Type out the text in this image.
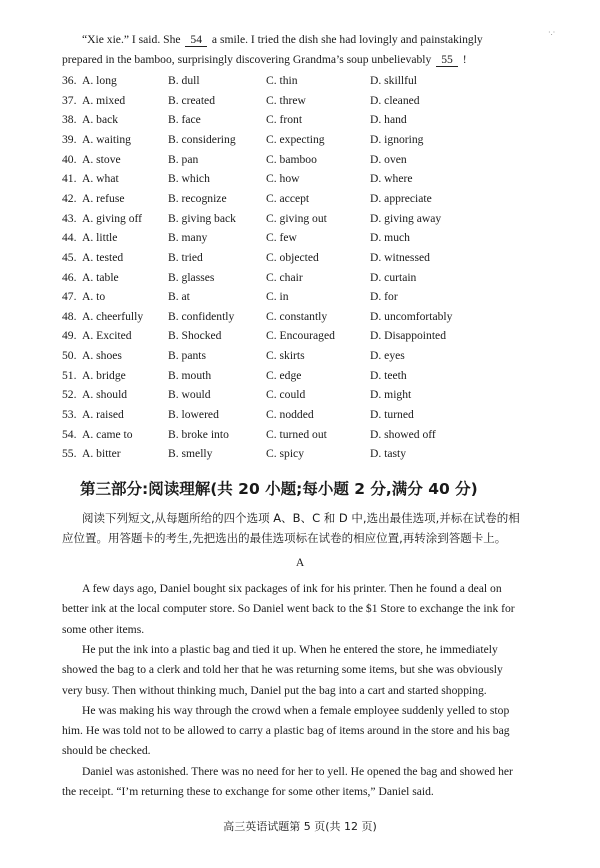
·.·
“Xie xie.” I said. She 54 a smile. I tried the dish she had lovingly and painstakingly
prepared in the bamboo, surprisingly discovering Grandma’s soup unbelievably 55 !
36. A. long	B. dull	C. thin	D. skillful
37. A. mixed	B. created	C. threw	D. cleaned
38. A. back	B. face	C. front	D. hand
39. A. waiting	B. considering	C. expecting	D. ignoring
40. A. stove	B. pan	C. bamboo	D. oven
41. A. what	B. which	C. how	D. where
42. A. refuse	B. recognize	C. accept	D. appreciate
43. A. giving off B. giving back	C. giving out	D. giving away
44. A. little	B. many	C. few	D. much
45. A. tested	B. tried	C. objected	D. witnessed
46. A. table	B. glasses	C. chair	D. curtain
47. A. to	B. at	C. in	D. for
48. A. cheerfully B. confidently	C. constantly	D. uncomfortably
49. A. Excited	B. Shocked	C. Encouraged	D. Disappointed
50. A. shoes	B. pants	C. skirts	D. eyes
51. A. bridge	B. mouth	C. edge	D. teeth
52. A. should	B. would	C. could	D. might
53. A. raised	B. lowered	C. nodded	D. turned
54. A. came to	B. broke into	C. turned out	D. showed off
55. A. bitter	B. smelly	C. spicy	D. tasty
第三部分:阅读理解(共 20 小题;每小题 2 分,满分 40 分)
阅读下列短文,从每题所给的四个选项 A、B、C 和 D 中,选出最佳选项,并标在试卷的相
应位置。用答题卡的考生,先把选出的最佳选项标在试卷的相应位置,再转涂到答题卡上。
A
A few days ago, Daniel bought six packages of ink for his printer. Then he found a deal on
better ink at the local computer store. So Daniel went back to the $1 Store to exchange the ink for
some other items.
He put the ink into a plastic bag and tied it up. When he entered the store, he immediately
showed the bag to a clerk and told her that he was returning some items, but she was obviously
very busy. Then without thinking much, Daniel put the bag into a cart and started shopping.
He was making his way through the crowd when a female employee suddenly yelled to stop
him. He was told not to be allowed to carry a plastic bag of items around in the store and his bag
should be checked.
Daniel was astonished. There was no need for her to yell. He opened the bag and showed her
the receipt. “I’m returning these to exchange for some other items,” Daniel said.
高三英语试题第 5 页(共 12 页)
